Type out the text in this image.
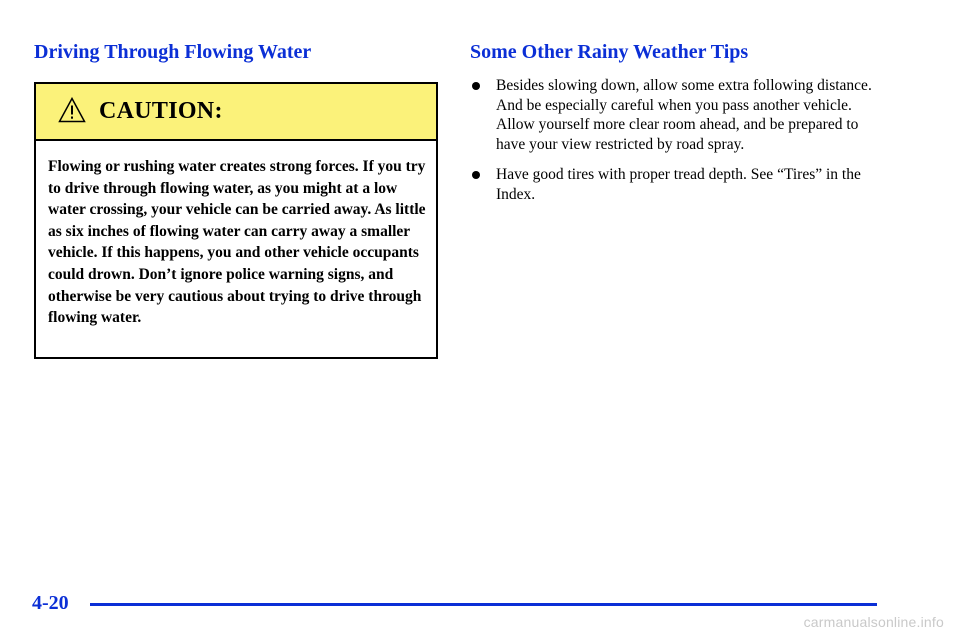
Driving Through Flowing Water
CAUTION:
Flowing or rushing water creates strong forces. If you try to drive through flowing water, as you might at a low water crossing, your vehicle can be carried away. As little as six inches of flowing water can carry away a smaller vehicle. If this happens, you and other vehicle occupants could drown. Don’t ignore police warning signs, and otherwise be very cautious about trying to drive through flowing water.
Some Other Rainy Weather Tips
Besides slowing down, allow some extra following distance. And be especially careful when you pass another vehicle. Allow yourself more clear room ahead, and be prepared to have your view restricted by road spray.
Have good tires with proper tread depth. See “Tires” in the Index.
4-20
carmanualsonline.info
